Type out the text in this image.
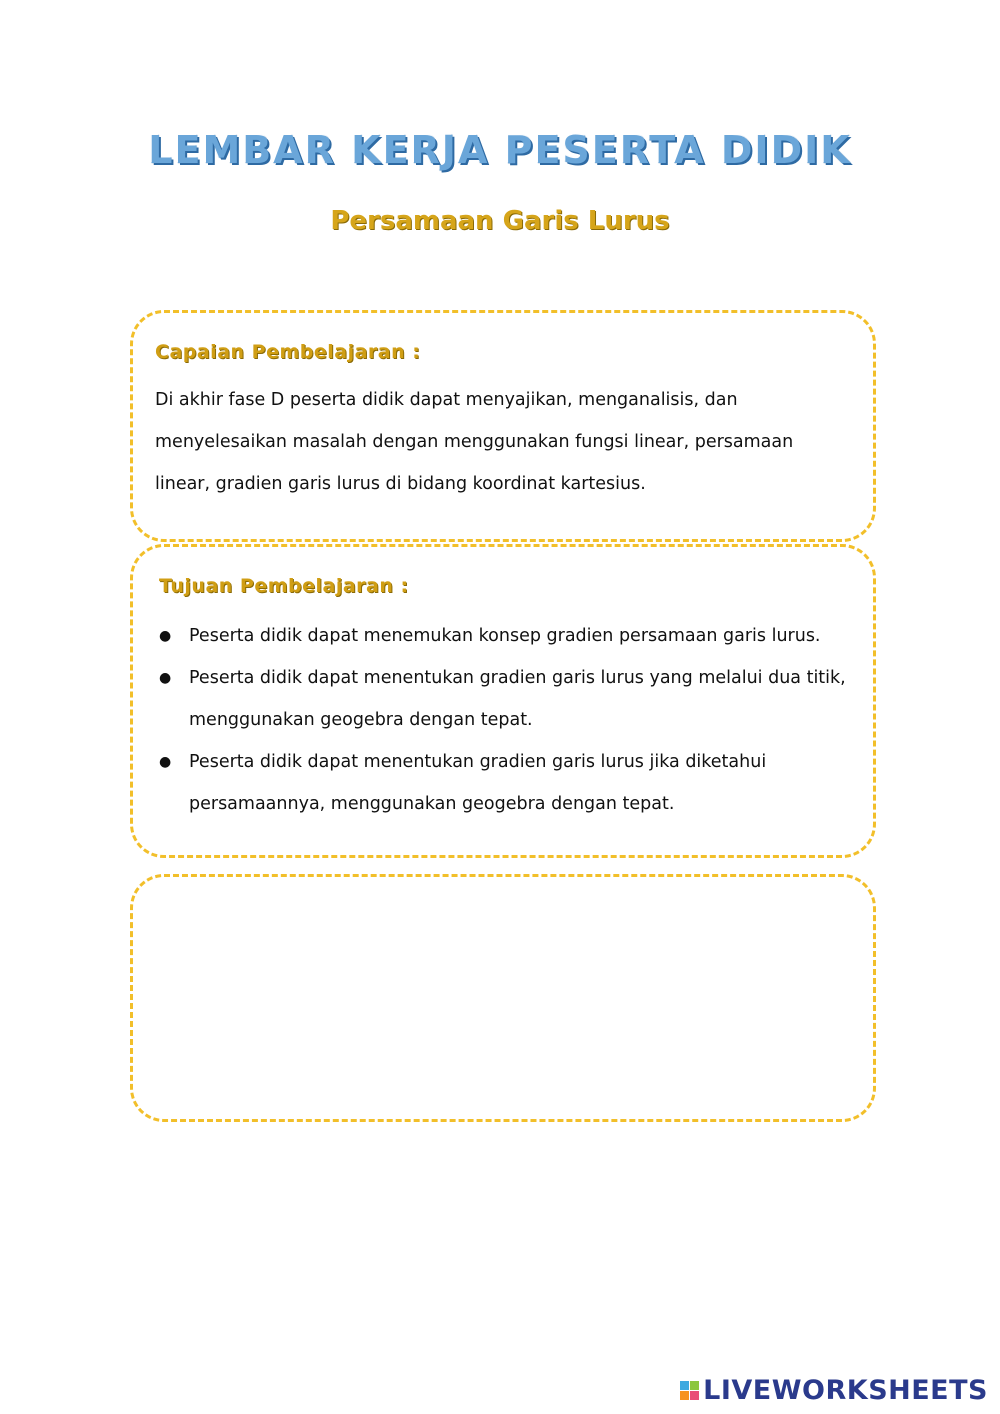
LEMBAR KERJA PESERTA DIDIK
Persamaan Garis Lurus
Capaian Pembelajaran :
Di akhir fase D peserta didik dapat menyajikan, menganalisis, dan menyelesaikan masalah dengan menggunakan fungsi linear, persamaan linear, gradien garis lurus di bidang koordinat kartesius.
Tujuan Pembelajaran :
● Peserta didik dapat menemukan konsep gradien persamaan garis lurus.
● Peserta didik dapat menentukan gradien garis lurus yang melalui dua titik, menggunakan geogebra dengan tepat.
● Peserta didik dapat menentukan gradien garis lurus jika diketahui persamaannya, menggunakan geogebra dengan tepat.
LIVEWORKSHEETS
